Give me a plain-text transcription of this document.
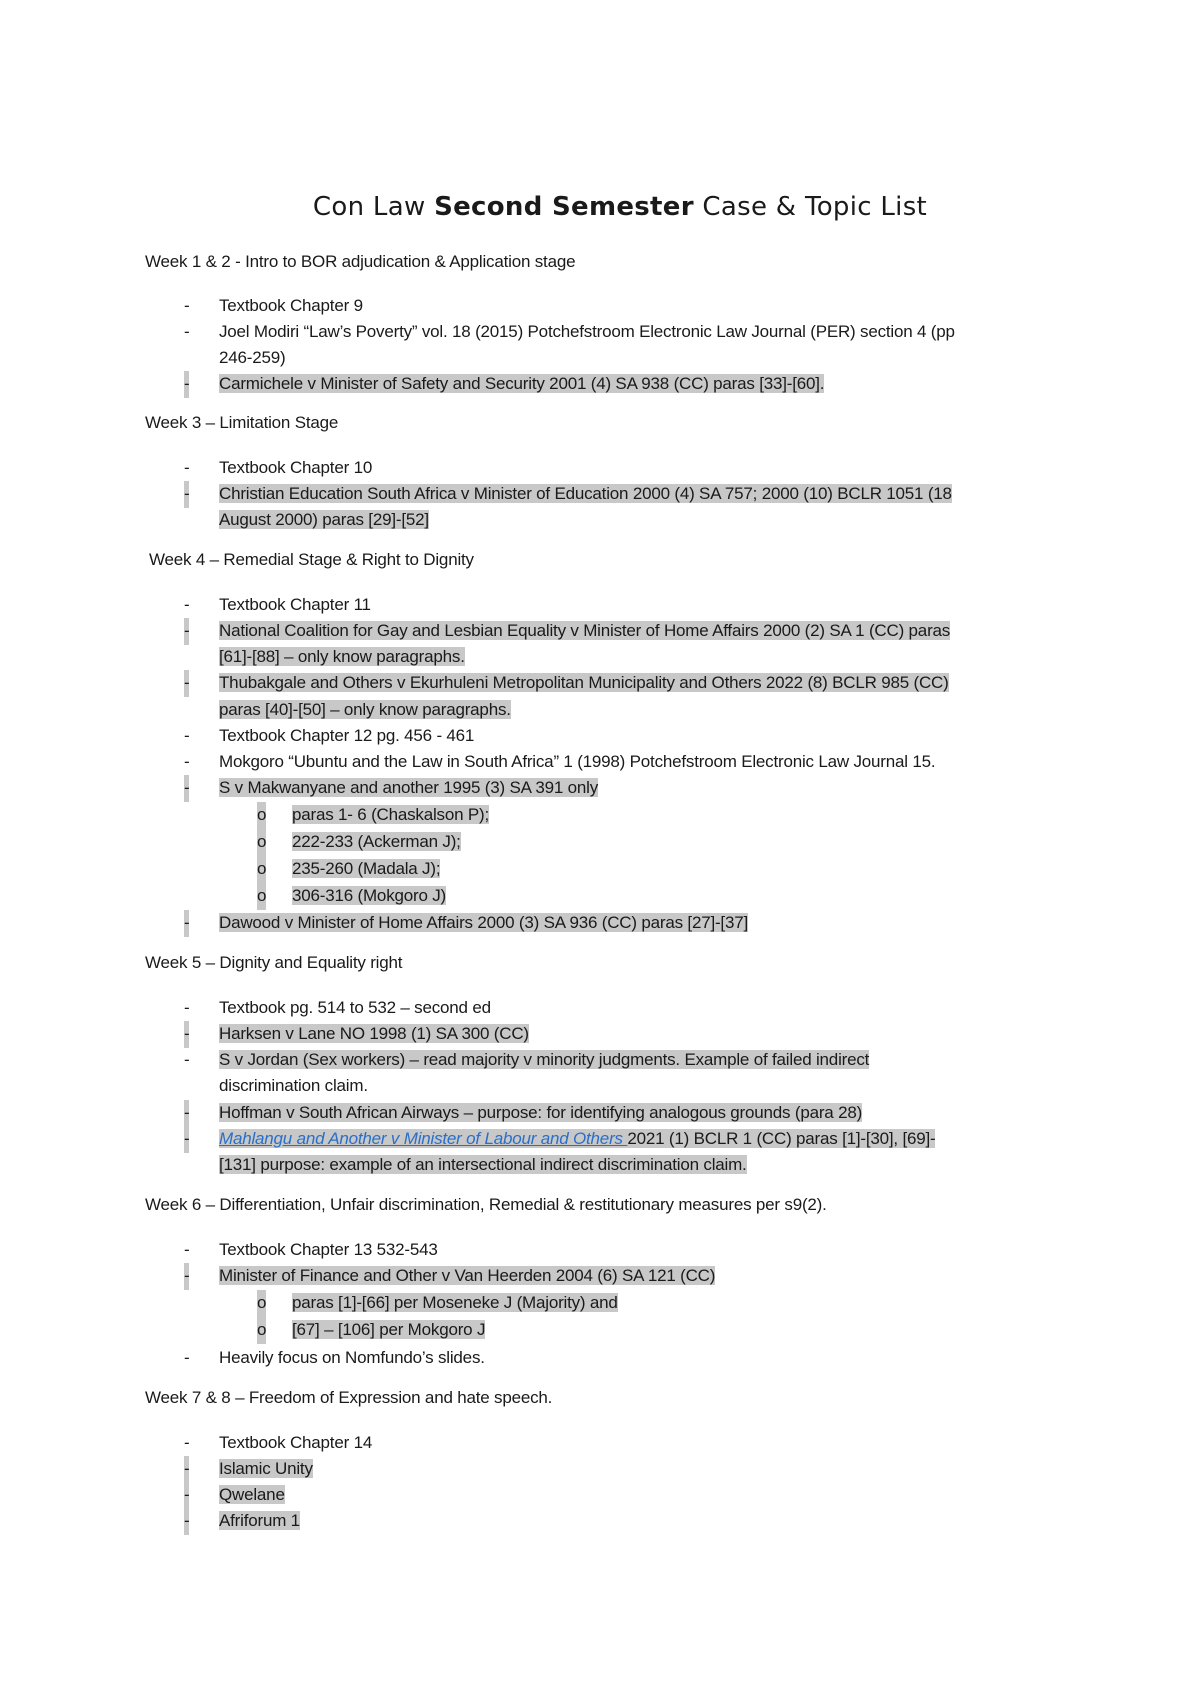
Con Law Second Semester Case & Topic List
Week 1 & 2 - Intro to BOR adjudication & Application stage
-	Textbook Chapter 9
-	Joel Modiri “Law’s Poverty” vol. 18 (2015) Potchefstroom Electronic Law Journal (PER) section 4 (pp
246-259)
-	Carmichele v Minister of Safety and Security 2001 (4) SA 938 (CC) paras [33]-[60].
Week 3 – Limitation Stage
-	Textbook Chapter 10
-	Christian Education South Africa v Minister of Education 2000 (4) SA 757; 2000 (10) BCLR 1051 (18
August 2000) paras [29]-[52]
Week 4 – Remedial Stage & Right to Dignity
-	Textbook Chapter 11
-	National Coalition for Gay and Lesbian Equality v Minister of Home Affairs 2000 (2) SA 1 (CC) paras
[61]-[88] – only know paragraphs.
-	Thubakgale and Others v Ekurhuleni Metropolitan Municipality and Others 2022 (8) BCLR 985 (CC)
paras [40]-[50] – only know paragraphs.
-	Textbook Chapter 12 pg. 456 - 461
-	Mokgoro “Ubuntu and the Law in South Africa” 1 (1998) Potchefstroom Electronic Law Journal 15.
-	S v Makwanyane and another 1995 (3) SA 391 only
o	paras 1- 6 (Chaskalson P);
o	222-233 (Ackerman J);
o	235-260 (Madala J);
o	306-316 (Mokgoro J)
-	Dawood v Minister of Home Affairs 2000 (3) SA 936 (CC) paras [27]-[37]
Week 5 – Dignity and Equality right
-	Textbook pg. 514 to 532 – second ed
-	Harksen v Lane NO 1998 (1) SA 300 (CC)
-	S v Jordan (Sex workers) – read majority v minority judgments. Example of failed indirect
discrimination claim.
-	Hoffman v South African Airways – purpose: for identifying analogous grounds (para 28)
-	Mahlangu and Another v Minister of Labour and Others 2021 (1) BCLR 1 (CC) paras [1]-[30], [69]-
[131] purpose: example of an intersectional indirect discrimination claim.
Week 6 – Differentiation, Unfair discrimination, Remedial & restitutionary measures per s9(2).
-	Textbook Chapter 13 532-543
-	Minister of Finance and Other v Van Heerden 2004 (6) SA 121 (CC)
o	paras [1]-[66] per Moseneke J (Majority) and
o	[67] – [106] per Mokgoro J
-	Heavily focus on Nomfundo’s slides.
Week 7 & 8 – Freedom of Expression and hate speech.
-	Textbook Chapter 14
-	Islamic Unity
-	Qwelane
-	Afriforum 1
